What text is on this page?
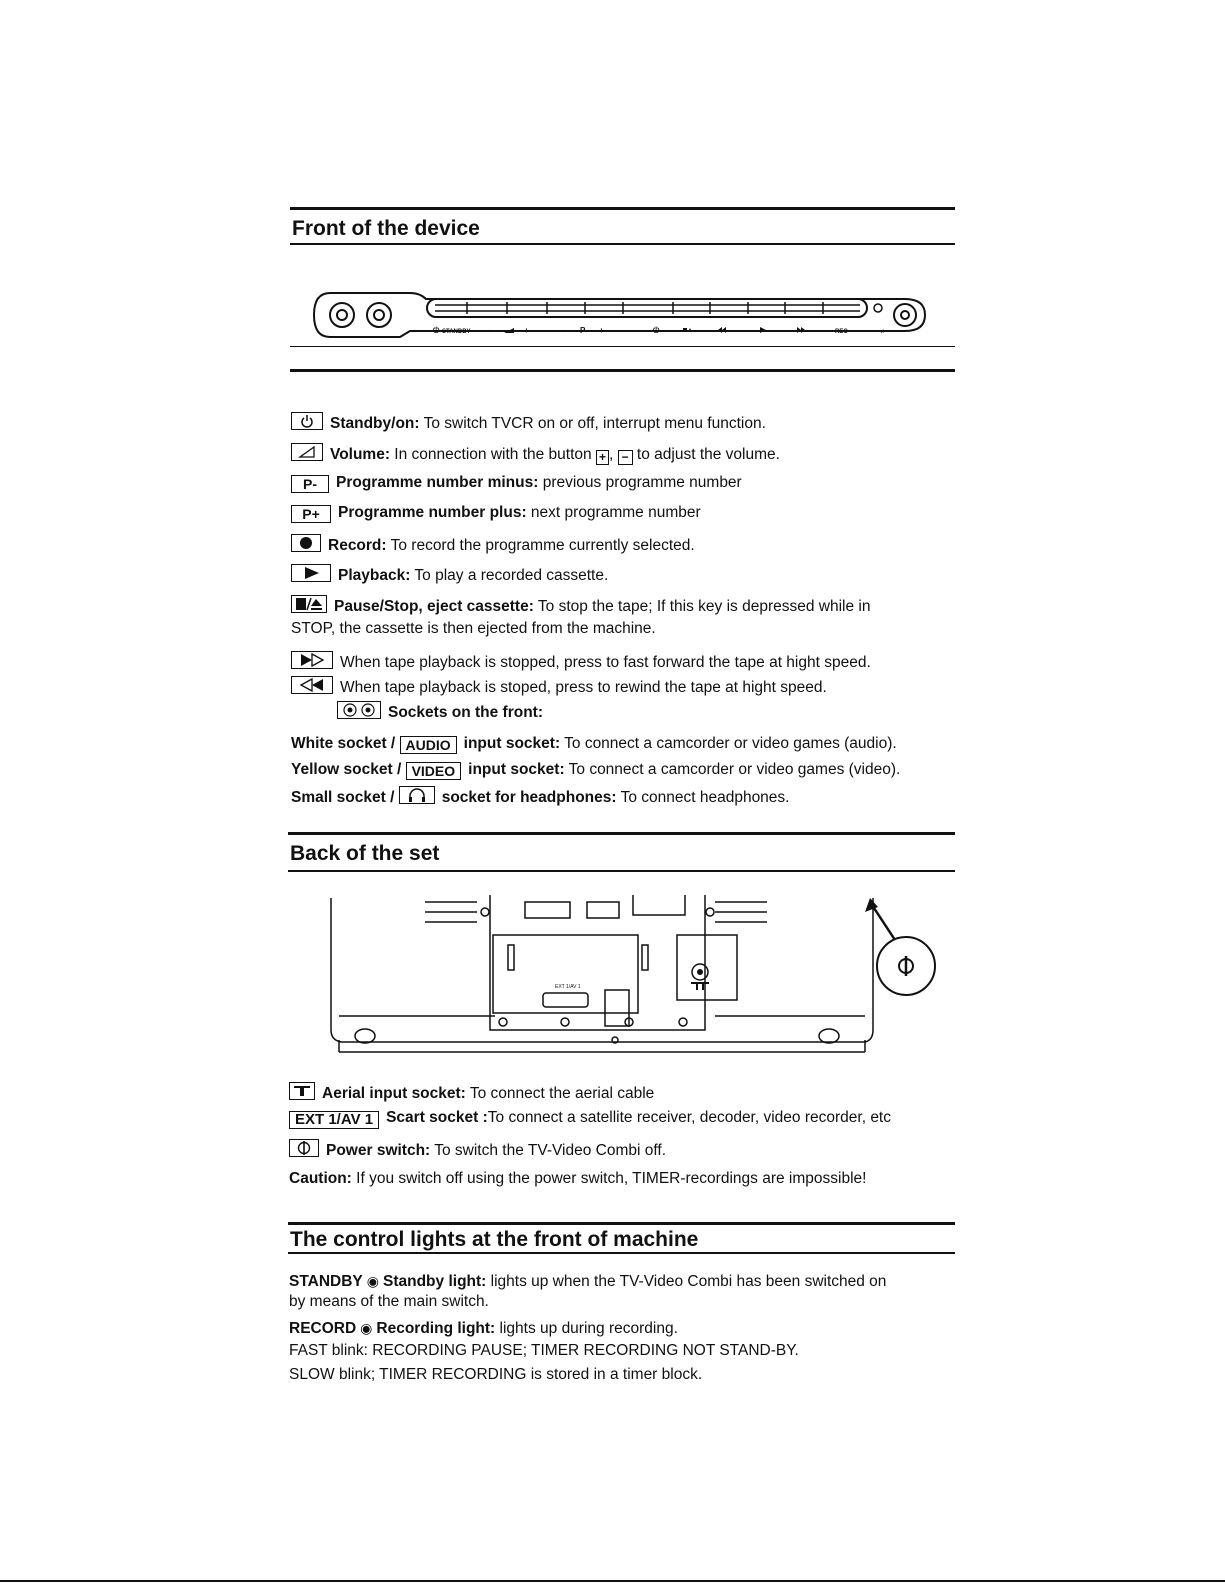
Front of the device
⏻ STANDBY −	+	− P +	⏻	REC	♫
Standby/on: To switch TVCR on or off, interrupt menu function.
Volume: In connection with the button + , − to adjust the volume.
P- Programme number minus: previous programme number
P+ Programme number plus: next programme number
Record: To record the programme currently selected.
Playback: To play a recorded cassette.
Pause/Stop, eject cassette: To stop the tape; If this key is depressed while in
STOP, the cassette is then ejected from the machine.
When tape playback is stopped, press to fast forward the tape at hight speed.
When tape playback is stoped, press to rewind the tape at hight speed.
Sockets on the front:
White socket / AUDIO input socket: To connect a camcorder or video games (audio).
Yellow socket / VIDEO input socket: To connect a camcorder or video games (video).
Small socket /	socket for headphones: To connect headphones.
Back of the set
EXT 1/AV 1
Aerial input socket: To connect the aerial cable
EXT 1/AV 1 Scart socket :To connect a satellite receiver, decoder, video recorder, etc
Power switch: To switch the TV-Video Combi off.
Caution: If you switch off using the power switch, TIMER-recordings are impossible!
The control lights at the front of machine
STANDBY ◉ Standby light: lights up when the TV-Video Combi has been switched on
by means of the main switch.
RECORD ◉ Recording light: lights up during recording.
FAST blink: RECORDING PAUSE; TIMER RECORDING NOT STAND-BY.
SLOW blink; TIMER RECORDING is stored in a timer block.
